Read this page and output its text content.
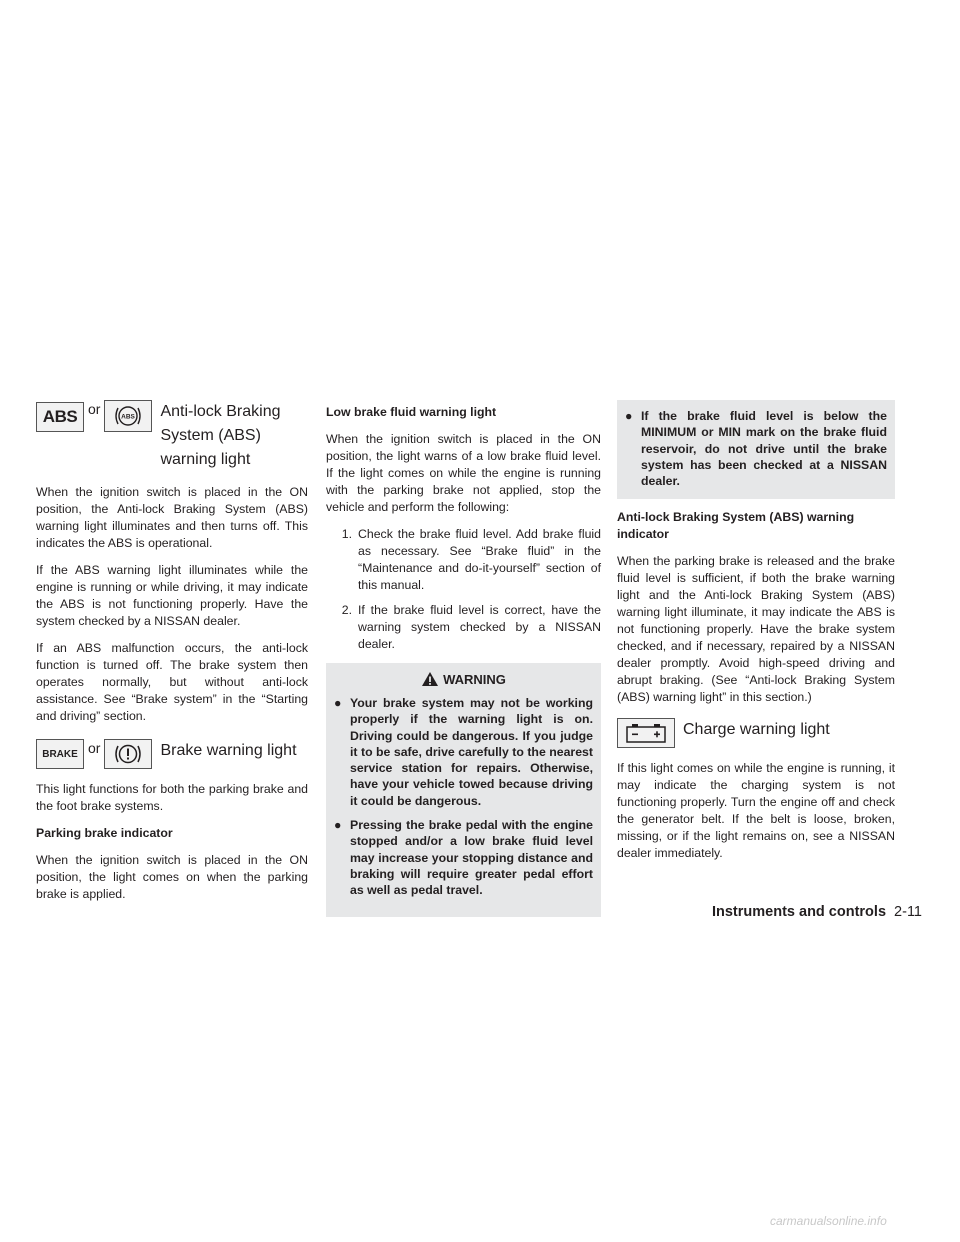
ABS or	ABS Anti-lock Braking
System (ABS)
warning light

When the ignition switch is placed in the ON position, the Anti-lock Braking System (ABS) warning light illuminates and then turns off. This indicates the ABS is operational.

If the ABS warning light illuminates while the engine is running or while driving, it may indicate the ABS is not functioning properly. Have the system checked by a NISSAN dealer.

If an ABS malfunction occurs, the anti-lock function is turned off. The brake system then operates normally, but without anti-lock assistance. See “Brake system” in the “Starting and driving” section.

BRAKE or	Brake warning light

This light functions for both the parking brake and the foot brake systems.

Parking brake indicator

When the ignition switch is placed in the ON position, the light comes on when the parking brake is applied.

Low brake fluid warning light

When the ignition switch is placed in the ON position, the light warns of a low brake fluid level. If the light comes on while the engine is running with the parking brake not applied, stop the vehicle and perform the following:

1. Check the brake fluid level. Add brake fluid as necessary. See “Brake fluid” in the “Maintenance and do-it-yourself” section of this manual.
2. If the brake fluid level is correct, have the warning system checked by a NISSAN dealer.
WARNING
● Your brake system may not be working properly if the warning light is on. Driving could be dangerous. If you judge it to be safe, drive carefully to the nearest service station for repairs. Otherwise, have your vehicle towed because driving it could be dangerous.
● Pressing the brake pedal with the engine stopped and/or a low brake fluid level may increase your stopping distance and braking will require greater pedal effort as well as pedal travel.
● If the brake fluid level is below the MINIMUM or MIN mark on the brake fluid reservoir, do not drive until the brake system has been checked at a NISSAN dealer.
Anti-lock Braking System (ABS) warning indicator

When the parking brake is released and the brake fluid level is sufficient, if both the brake warning light and the Anti-lock Braking System (ABS) warning light illuminate, it may indicate the ABS is not functioning properly. Have the brake system checked, and if necessary, repaired by a NISSAN dealer promptly. Avoid high-speed driving and abrupt braking. (See “Anti-lock Braking System (ABS) warning light” in this section.)

Charge warning light

If this light comes on while the engine is running, it may indicate the charging system is not functioning properly. Turn the engine off and check the generator belt. If the belt is loose, broken, missing, or if the light remains on, see a NISSAN dealer immediately.

Instruments and controls 2-11
carmanualsonline.info
